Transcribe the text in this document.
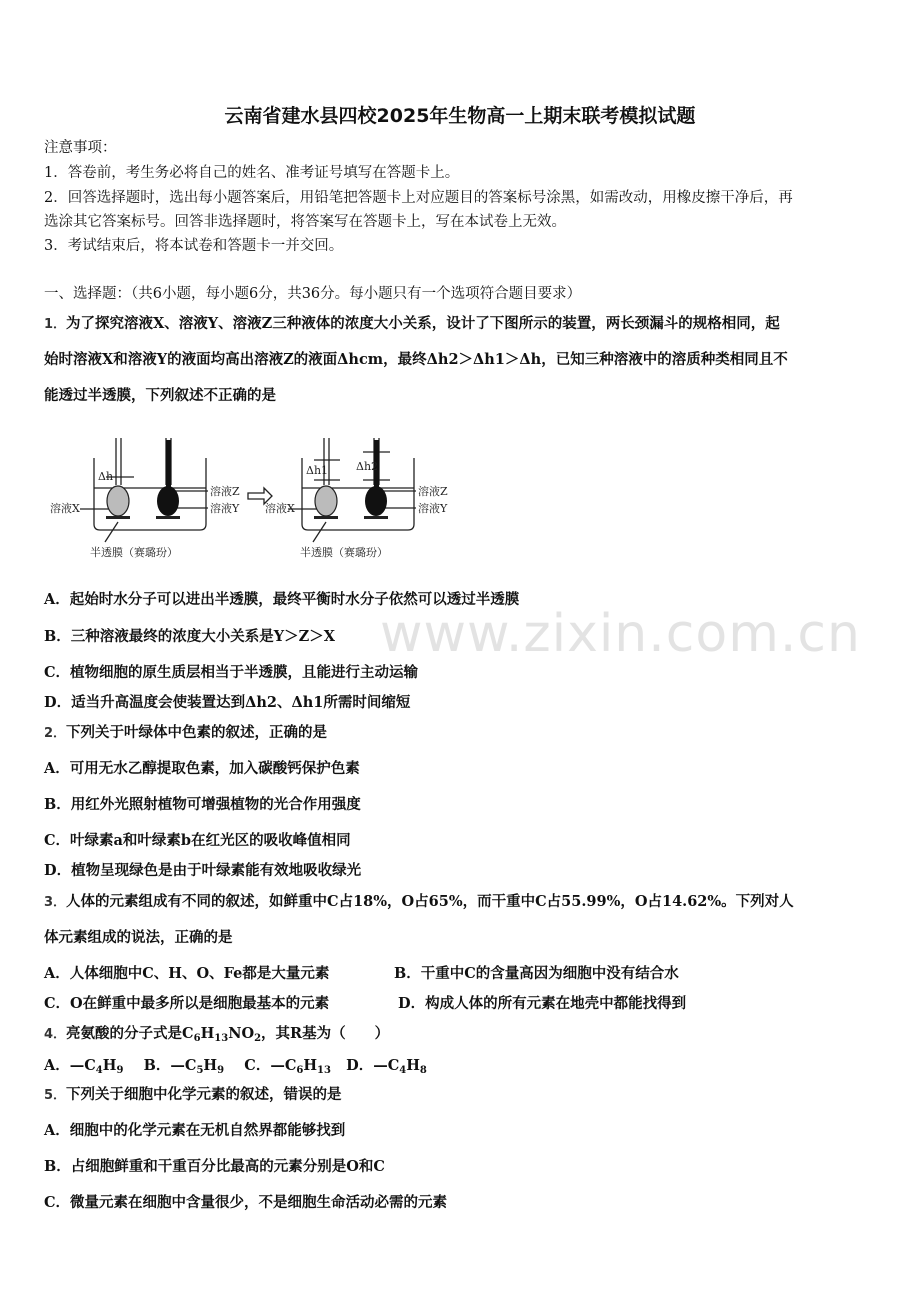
云南省建水县四校2025年生物高一上期末联考模拟试题
注意事项：
1．答卷前，考生务必将自己的姓名、准考证号填写在答题卡上。
2．回答选择题时，选出每小题答案后，用铅笔把答题卡上对应题目的答案标号涂黑，如需改动，用橡皮擦干净后，再
选涂其它答案标号。回答非选择题时，将答案写在答题卡上，写在本试卷上无效。
3．考试结束后，将本试卷和答题卡一并交回。
一、选择题：（共6小题，每小题6分，共36分。每小题只有一个选项符合题目要求）
www.zixin.com.cn
1．为了探究溶液X、溶液Y、溶液Z三种液体的浓度大小关系，设计了下图所示的装置，两长颈漏斗的规格相同，起
始时溶液X和溶液Y的液面均高出溶液Z的液面Δhcm，最终Δh2＞Δh1＞Δh，已知三种溶液中的溶质种类相同且不
能透过半透膜，下列叙述不正确的是
溶液X
溶液Z
溶液Y
Δh
溶液X
溶液Z
溶液Y
Δh1	Δh2
半透膜（赛璐玢）	半透膜（赛璐玢）
A．起始时水分子可以进出半透膜，最终平衡时水分子依然可以透过半透膜
B．三种溶液最终的浓度大小关系是Y＞Z＞X
C．植物细胞的原生质层相当于半透膜，且能进行主动运输
D．适当升高温度会使装置达到Δh2、Δh1所需时间缩短
2．下列关于叶绿体中色素的叙述，正确的是
A．可用无水乙醇提取色素，加入碳酸钙保护色素
B．用红外光照射植物可增强植物的光合作用强度
C．叶绿素a和叶绿素b在红光区的吸收峰值相同
D．植物呈现绿色是由于叶绿素能有效地吸收绿光
3．人体的元素组成有不同的叙述，如鲜重中C占18%，O占65%，而干重中C占55.99%，O占14.62%。下列对人
体元素组成的说法，正确的是
A．人体细胞中C、H、O、Fe都是大量元素	B．干重中C的含量高因为细胞中没有结合水
C．O在鲜重中最多所以是细胞最基本的元素	D．构成人体的所有元素在地壳中都能找得到
4．亮氨酸的分子式是$C_6H_{13}NO_2$，其R基为（　　）
A．$—C_4H_9$ B．$—C_5H_9$ C．$—C_6H_{13}$ D．$—C_4H_8$
5．下列关于细胞中化学元素的叙述，错误的是
A．细胞中的化学元素在无机自然界都能够找到
B．占细胞鲜重和干重百分比最高的元素分别是O和C
C．微量元素在细胞中含量很少，不是细胞生命活动必需的元素
